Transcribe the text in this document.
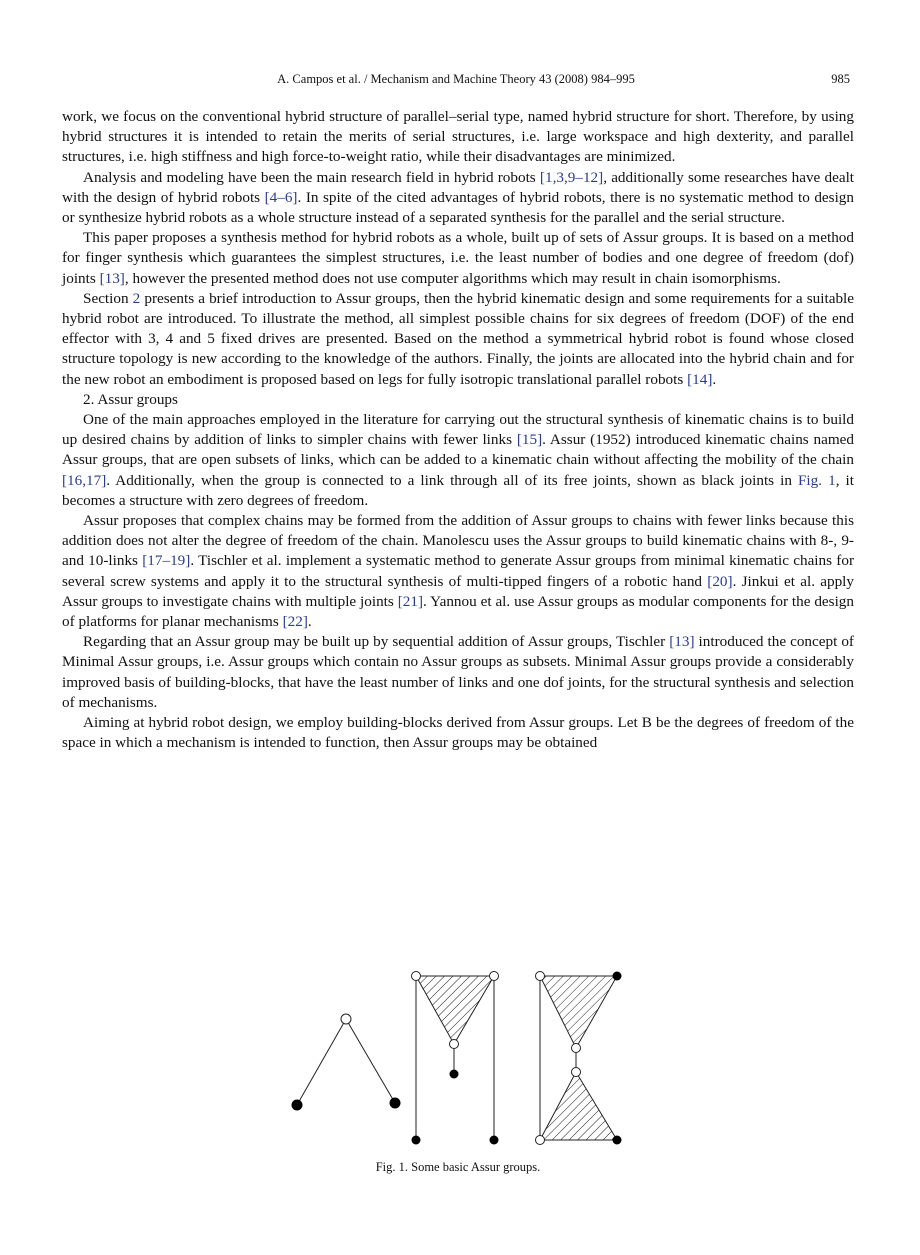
A. Campos et al. / Mechanism and Machine Theory 43 (2008) 984–995	985

work, we focus on the conventional hybrid structure of parallel–serial type, named hybrid structure for short. Therefore, by using hybrid structures it is intended to retain the merits of serial structures, i.e. large workspace and high dexterity, and parallel structures, i.e. high stiffness and high force-to-weight ratio, while their disadvantages are minimized.

Analysis and modeling have been the main research field in hybrid robots [1,3,9–12], additionally some researches have dealt with the design of hybrid robots [4–6]. In spite of the cited advantages of hybrid robots, there is no systematic method to design or synthesize hybrid robots as a whole structure instead of a separated synthesis for the parallel and the serial structure.

This paper proposes a synthesis method for hybrid robots as a whole, built up of sets of Assur groups. It is based on a method for finger synthesis which guarantees the simplest structures, i.e. the least number of bodies and one degree of freedom (dof) joints [13], however the presented method does not use computer algorithms which may result in chain isomorphisms.

Section 2 presents a brief introduction to Assur groups, then the hybrid kinematic design and some requirements for a suitable hybrid robot are introduced. To illustrate the method, all simplest possible chains for six degrees of freedom (DOF) of the end effector with 3, 4 and 5 fixed drives are presented. Based on the method a symmetrical hybrid robot is found whose closed structure topology is new according to the knowledge of the authors. Finally, the joints are allocated into the hybrid chain and for the new robot an embodiment is proposed based on legs for fully isotropic translational parallel robots [14].

2. Assur groups

One of the main approaches employed in the literature for carrying out the structural synthesis of kinematic chains is to build up desired chains by addition of links to simpler chains with fewer links [15]. Assur (1952) introduced kinematic chains named Assur groups, that are open subsets of links, which can be added to a kinematic chain without affecting the mobility of the chain [16,17]. Additionally, when the group is connected to a link through all of its free joints, shown as black joints in Fig. 1, it becomes a structure with zero degrees of freedom.

Assur proposes that complex chains may be formed from the addition of Assur groups to chains with fewer links because this addition does not alter the degree of freedom of the chain. Manolescu uses the Assur groups to build kinematic chains with 8-, 9- and 10-links [17–19]. Tischler et al. implement a systematic method to generate Assur groups from minimal kinematic chains for several screw systems and apply it to the structural synthesis of multi-tipped fingers of a robotic hand [20]. Jinkui et al. apply Assur groups to investigate chains with multiple joints [21]. Yannou et al. use Assur groups as modular components for the design of platforms for planar mechanisms [22].

Regarding that an Assur group may be built up by sequential addition of Assur groups, Tischler [13] introduced the concept of Minimal Assur groups, i.e. Assur groups which contain no Assur groups as subsets. Minimal Assur groups provide a considerably improved basis of building-blocks, that have the least number of links and one dof joints, for the structural synthesis and selection of mechanisms.

Aiming at hybrid robot design, we employ building-blocks derived from Assur groups. Let B be the degrees of freedom of the space in which a mechanism is intended to function, then Assur groups may be obtained

Fig. 1. Some basic Assur groups.
